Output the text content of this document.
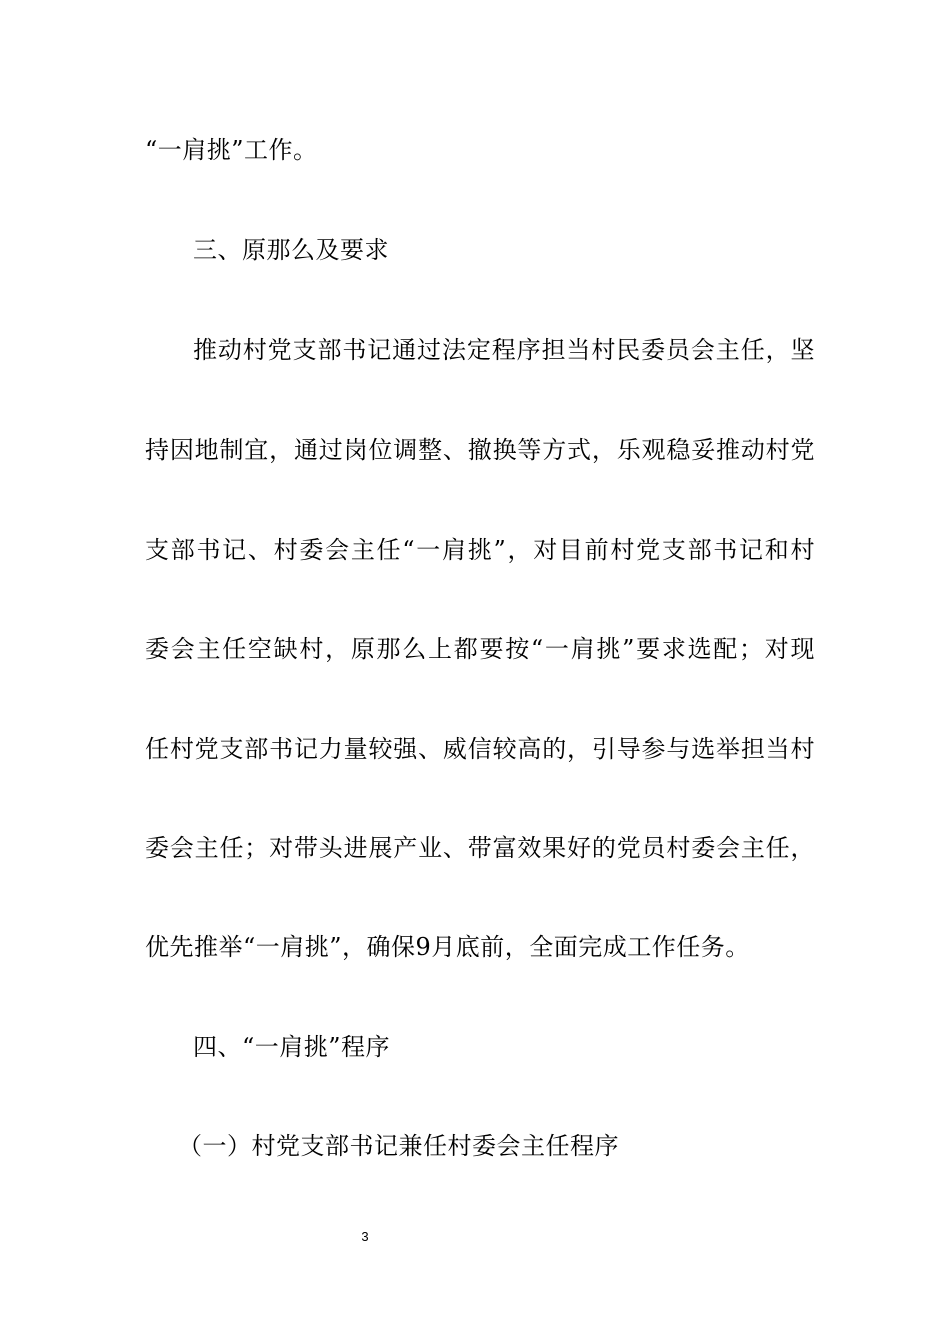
“一肩挑”工作。
三、原那么及要求
推动村党支部书记通过法定程序担当村民委员会主任，坚
持因地制宜，通过岗位调整、撤换等方式，乐观稳妥推动村党
支部书记、村委会主任“一肩挑”，对目前村党支部书记和村
委会主任空缺村，原那么上都要按“一肩挑”要求选配；对现
任村党支部书记力量较强、威信较高的，引导参与选举担当村
委会主任；对带头进展产业、带富效果好的党员村委会主任，
优先推举“一肩挑”，确保9月底前，全面完成工作任务。
四、“一肩挑”程序
（一）村党支部书记兼任村委会主任程序
3
